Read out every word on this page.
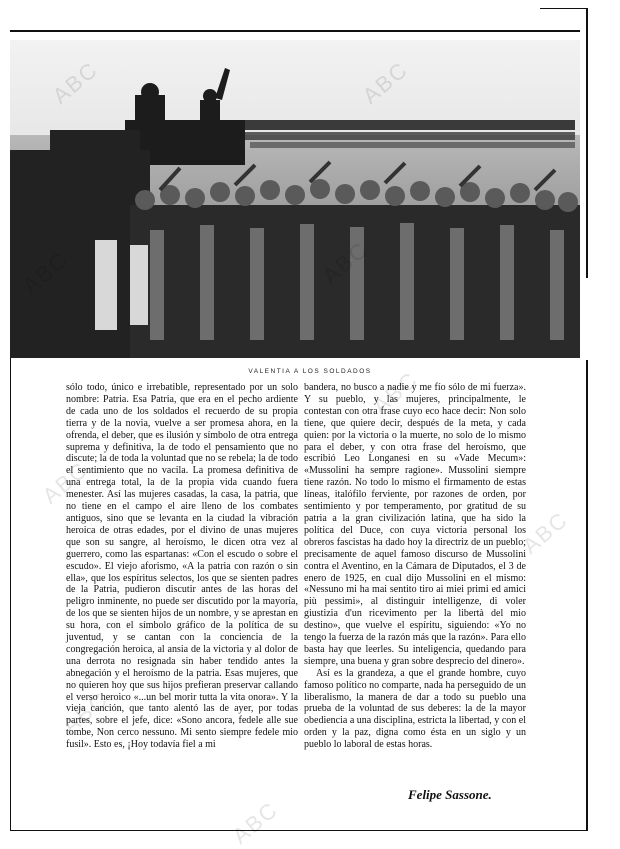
VALENTIA A LOS SOLDADOS

sólo todo, único e irrebatible, representado por un solo nombre: Patria. Esa Patria, que era en el pecho ardiente de cada uno de los soldados el recuerdo de su propia tierra y de la novia, vuelve a ser promesa ahora, en la ofrenda, el deber, que es ilusión y símbolo de otra entrega suprema y definitiva, la de todo el pensamiento que no discute; la de toda la voluntad que no se rebela; la de todo el sentimiento que no vacila. La promesa definitiva de una entrega total, la de la propia vida cuando fuera menester. Así las mujeres casadas, la casa, la patria, que no tiene en el campo el aire lleno de los combates antiguos, sino que se levanta en la ciudad la vibración heroica de otras edades, por el divino de unas mujeres que son su sangre, al heroísmo, le dicen otra vez al guerrero, como las espartanas: «Con el escudo o sobre el escudo». El viejo aforismo, «A la patria con razón o sin ella», que los espíritus selectos, los que se sienten padres de la Patria, pudieron discutir antes de las horas del peligro inminente, no puede ser discutido por la mayoría, de los que se sienten hijos de un nombre, y se aprestan en su hora, con el símbolo gráfico de la política de su juventud, y se cantan con la conciencia de la congregación heroica, al ansia de la victoria y al dolor de una derrota no resignada sin haber tendido antes la abnegación y el heroísmo de la patria. Esas mujeres, que no quieren hoy que sus hijos prefieran preservar callando el verso heroico «...un bel morir tutta la vita onora». Y la vieja canción, que tanto alentó las de ayer, por todas partes, sobre el jefe, dice: «Sono ancora, fedele alle sue tombe, Non cerco nessuno. Mi sento siempre fedele mio fusil». Esto es, ¡Hoy todavía fiel a mi

bandera, no busco a nadie y me fío sólo de mi fuerza». Y su pueblo, y las mujeres, principalmente, le contestan con otra frase cuyo eco hace decir: Non solo tiene, que quiere decir, después de la meta, y cada quien: por la victoria o la muerte, no solo de lo mismo para el deber, y con otra frase del heroísmo, que escribió Leo Longanesi en su «Vade Mecum»: «Mussolini ha sempre ragione». Mussolini siempre tiene razón. No todo lo mismo el firmamento de estas líneas, italófilo ferviente, por razones de orden, por sentimiento y por temperamento, por gratitud de su patria a la gran civilización latina, que ha sido la política del Duce, con cuya victoria personal los obreros fascistas ha dado hoy la directriz de un pueblo; precisamente de aquel famoso discurso de Mussolini contra el Aventino, en la Cámara de Diputados, el 3 de enero de 1925, en cual dijo Mussolini en el mismo: «Nessuno mi ha mai sentito tiro ai miei primi ed amici più pessimi», al distinguir intelligenze, di voler giustizia d'un ricevimento per la libertà del mio destino», que vuelve el espíritu, siguiendo: «Yo no tengo la fuerza de la razón más que la razón». Para ello basta hay que leerles. Su inteligencia, quedando para siempre, una buena y gran sobre desprecio del dinero».

Así es la grandeza, a que el grande hombre, cuyo famoso político no comparte, nada ha perseguido de un liberalismo, la manera de dar a todo su pueblo una prueba de la voluntad de sus deberes: la de la mayor obediencia a una disciplina, estricta la libertad, y con el orden y la paz, digna como ésta en un siglo y un pueblo lo laboral de estas horas.

Felipe Sassone.
ABC	ABC
ABC	ABC
ABC
ABC
ABC
ABC
ABC
